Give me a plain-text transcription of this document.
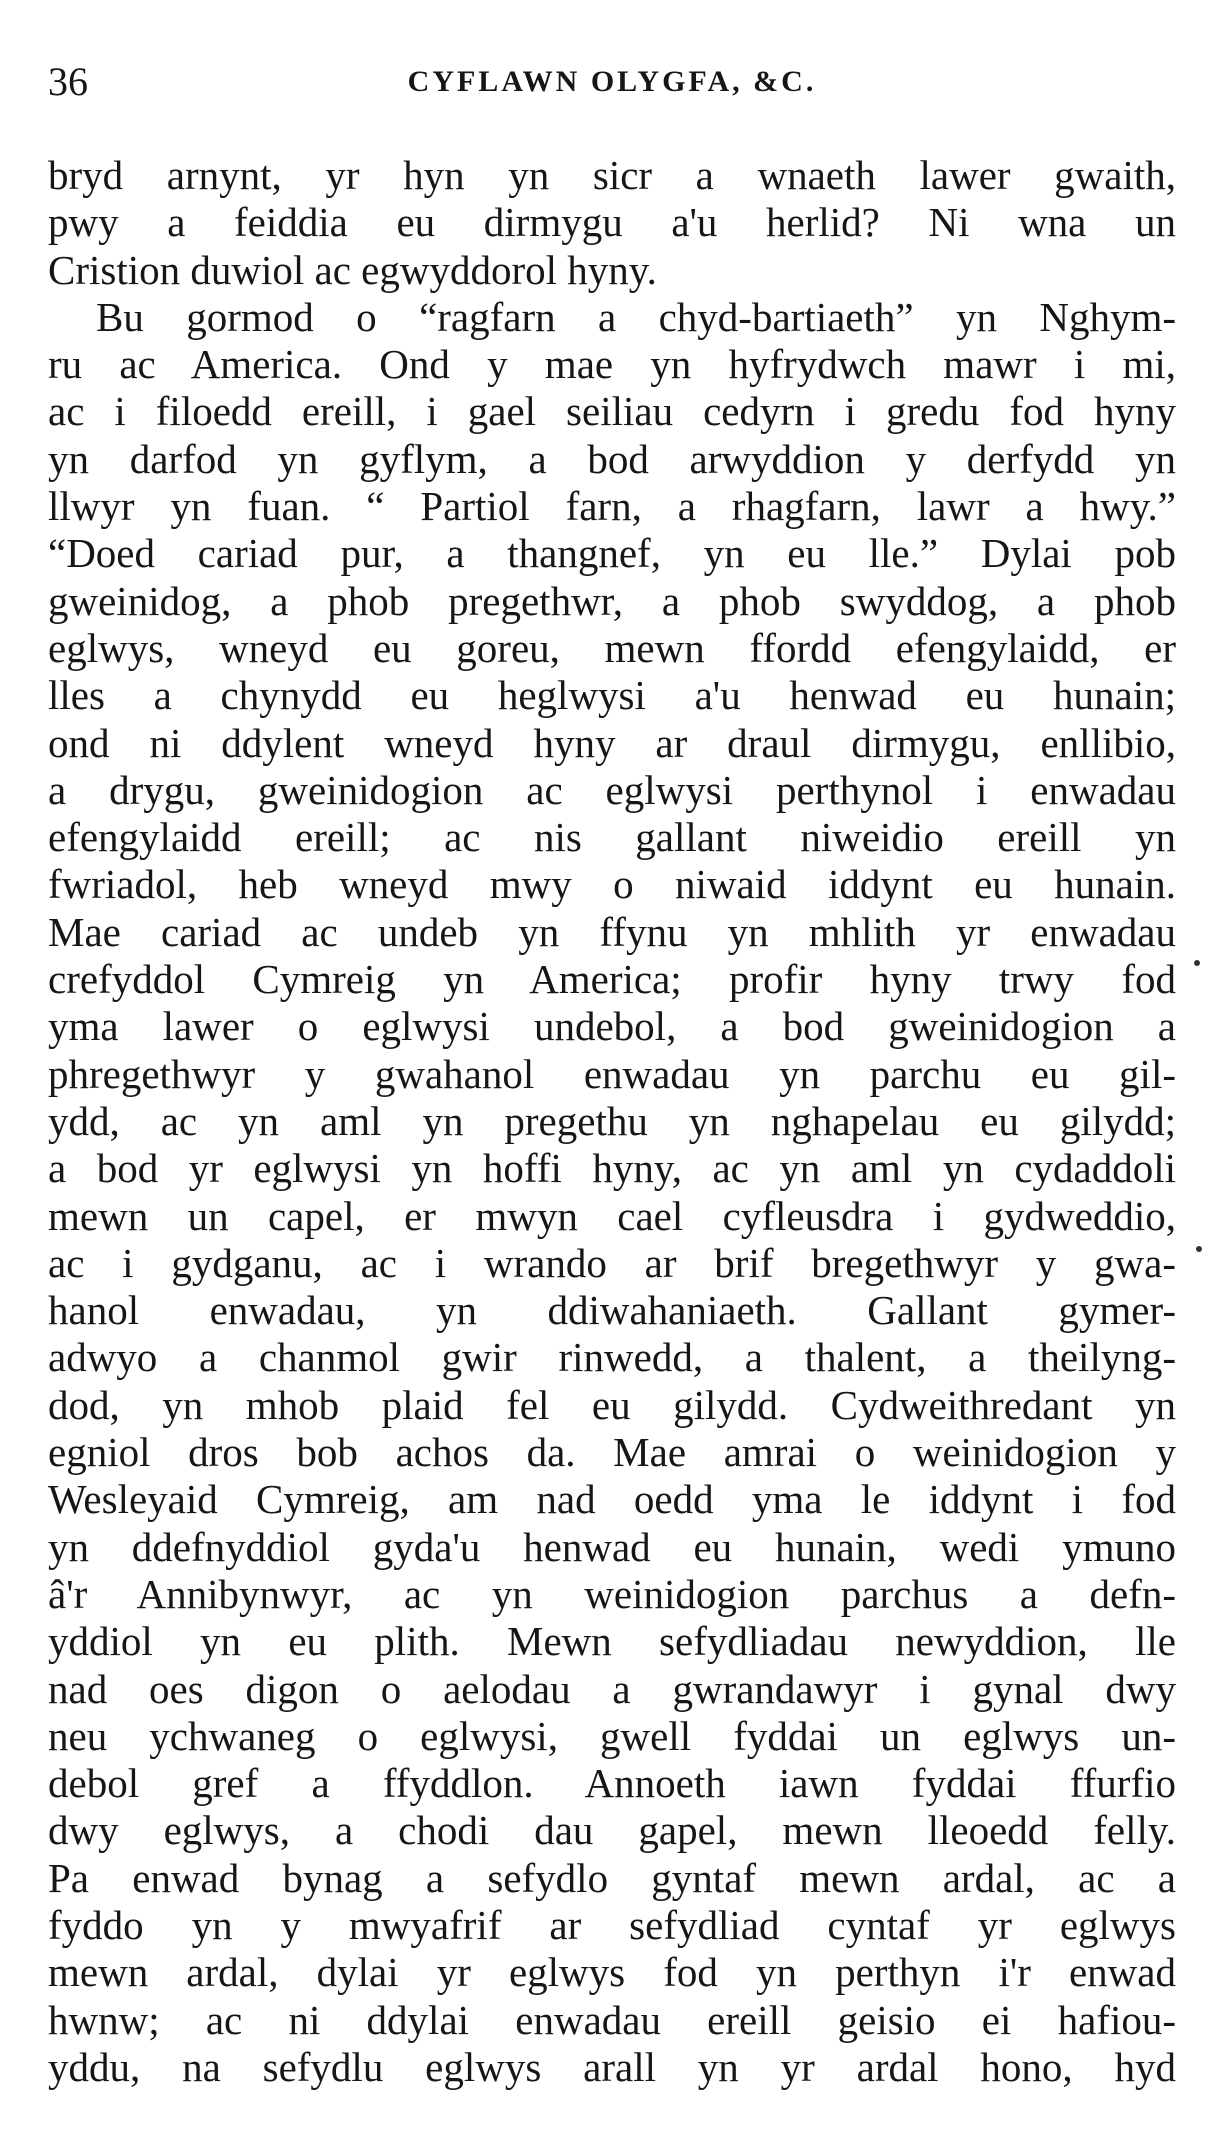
36	CYFLAWN OLYGFA, &C.
bryd arnynt, yr hyn yn sicr a wnaeth lawer gwaith,
pwy a feiddia eu dirmygu a'u herlid? Ni wna un
Cristion duwiol ac egwyddorol hyny.
Bu gormod o “ragfarn a chyd-bartiaeth” yn Nghym-
ru ac America. Ond y mae yn hyfrydwch mawr i mi,
ac i filoedd ereill, i gael seiliau cedyrn i gredu fod hyny
yn darfod yn gyflym, a bod arwyddion y derfydd yn
llwyr yn fuan. “ Partiol farn, a rhagfarn, lawr a hwy.”
“Doed cariad pur, a thangnef, yn eu lle.” Dylai pob
gweinidog, a phob pregethwr, a phob swyddog, a phob
eglwys, wneyd eu goreu, mewn ffordd efengylaidd, er
lles a chynydd eu heglwysi a'u henwad eu hunain;
ond ni ddylent wneyd hyny ar draul dirmygu, enllibio,
a drygu, gweinidogion ac eglwysi perthynol i enwadau
efengylaidd ereill; ac nis gallant niweidio ereill yn
fwriadol, heb wneyd mwy o niwaid iddynt eu hunain.
Mae cariad ac undeb yn ffynu yn mhlith yr enwadau
crefyddol Cymreig yn America; profir hyny trwy fod
yma lawer o eglwysi undebol, a bod gweinidogion a
phregethwyr y gwahanol enwadau yn parchu eu gil-
ydd, ac yn aml yn pregethu yn nghapelau eu gilydd;
a bod yr eglwysi yn hoffi hyny, ac yn aml yn cydaddoli
mewn un capel, er mwyn cael cyfleusdra i gydweddio,
ac i gydganu, ac i wrando ar brif bregethwyr y gwa-
hanol enwadau, yn ddiwahaniaeth. Gallant gymer-
adwyo a chanmol gwir rinwedd, a thalent, a theilyng-
dod, yn mhob plaid fel eu gilydd. Cydweithredant yn
egniol dros bob achos da. Mae amrai o weinidogion y
Wesleyaid Cymreig, am nad oedd yma le iddynt i fod
yn ddefnyddiol gyda'u henwad eu hunain, wedi ymuno
â'r Annibynwyr, ac yn weinidogion parchus a defn-
yddiol yn eu plith. Mewn sefydliadau newyddion, lle
nad oes digon o aelodau a gwrandawyr i gynal dwy
neu ychwaneg o eglwysi, gwell fyddai un eglwys un-
debol gref a ffyddlon. Annoeth iawn fyddai ffurfio
dwy eglwys, a chodi dau gapel, mewn lleoedd felly.
Pa enwad bynag a sefydlo gyntaf mewn ardal, ac a
fyddo yn y mwyafrif ar sefydliad cyntaf yr eglwys
mewn ardal, dylai yr eglwys fod yn perthyn i'r enwad
hwnw; ac ni ddylai enwadau ereill geisio ei hafiou-
yddu, na sefydlu eglwys arall yn yr ardal hono, hyd
